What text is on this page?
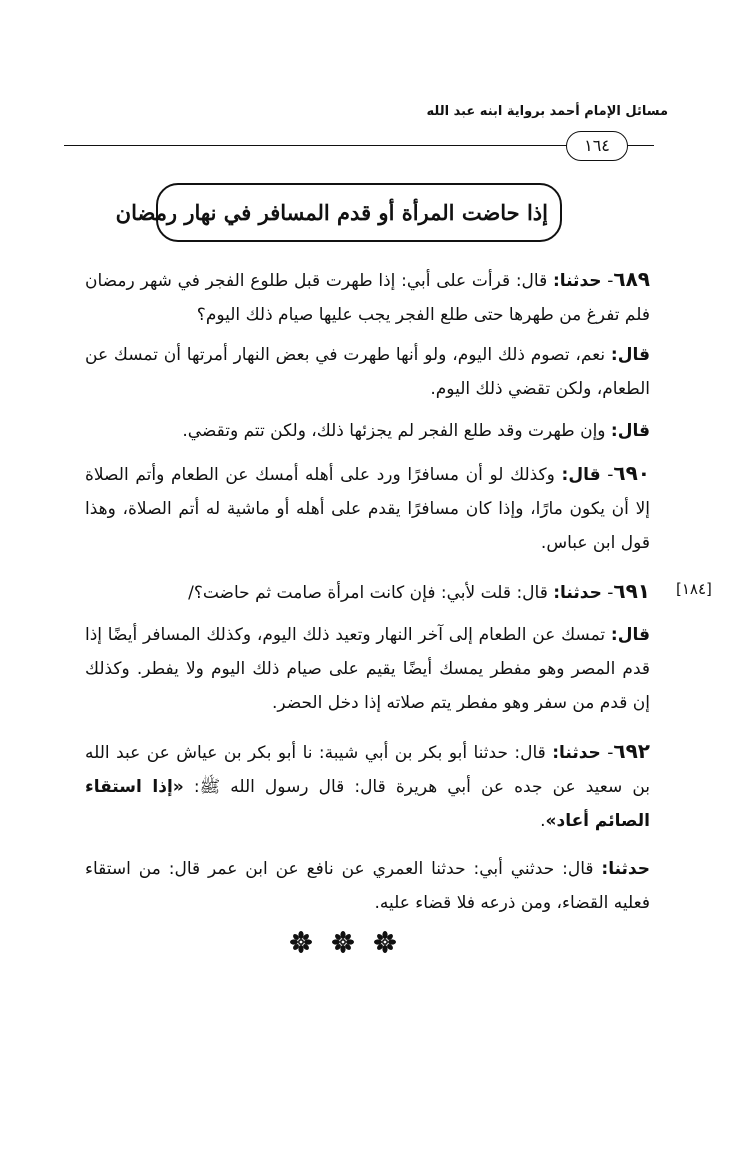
مسائل الإمام أحمد برواية ابنه عبد الله
١٦٤
إذا حاضت المرأة أو قدم المسافر في نهار رمضان
[١٨٤]
٦٨٩- حدثنا: قال: قرأت على أبي: إذا طهرت قبل طلوع الفجر في شهر رمضان فلم تفرغ من طهرها حتى طلع الفجر يجب عليها صيام ذلك اليوم؟
قال: نعم، تصوم ذلك اليوم، ولو أنها طهرت في بعض النهار أمرتها أن تمسك عن الطعام، ولكن تقضي ذلك اليوم.
قال: وإن طهرت وقد طلع الفجر لم يجزئها ذلك، ولكن تتم وتقضي.
٦٩٠- قال: وكذلك لو أن مسافرًا ورد على أهله أمسك عن الطعام وأتم الصلاة إلا أن يكون مارًا، وإذا كان مسافرًا يقدم على أهله أو ماشية له أتم الصلاة، وهذا قول ابن عباس.
٦٩١- حدثنا: قال: قلت لأبي: فإن كانت امرأة صامت ثم حاضت؟/
قال: تمسك عن الطعام إلى آخر النهار وتعيد ذلك اليوم، وكذلك المسافر أيضًا إذا قدم المصر وهو مفطر يمسك أيضًا يقيم على صيام ذلك اليوم ولا يفطر. وكذلك إن قدم من سفر وهو مفطر يتم صلاته إذا دخل الحضر.
٦٩٢- حدثنا: قال: حدثنا أبو بكر بن أبي شيبة: نا أبو بكر بن عياش عن عبد الله بن سعيد عن جده عن أبي هريرة قال: قال رسول الله ﷺ: «إذا استقاء الصائم أعاد».
حدثنا: قال: حدثني أبي: حدثنا العمري عن نافع عن ابن عمر قال: من استقاء فعليه القضاء، ومن ذرعه فلا قضاء عليه.
